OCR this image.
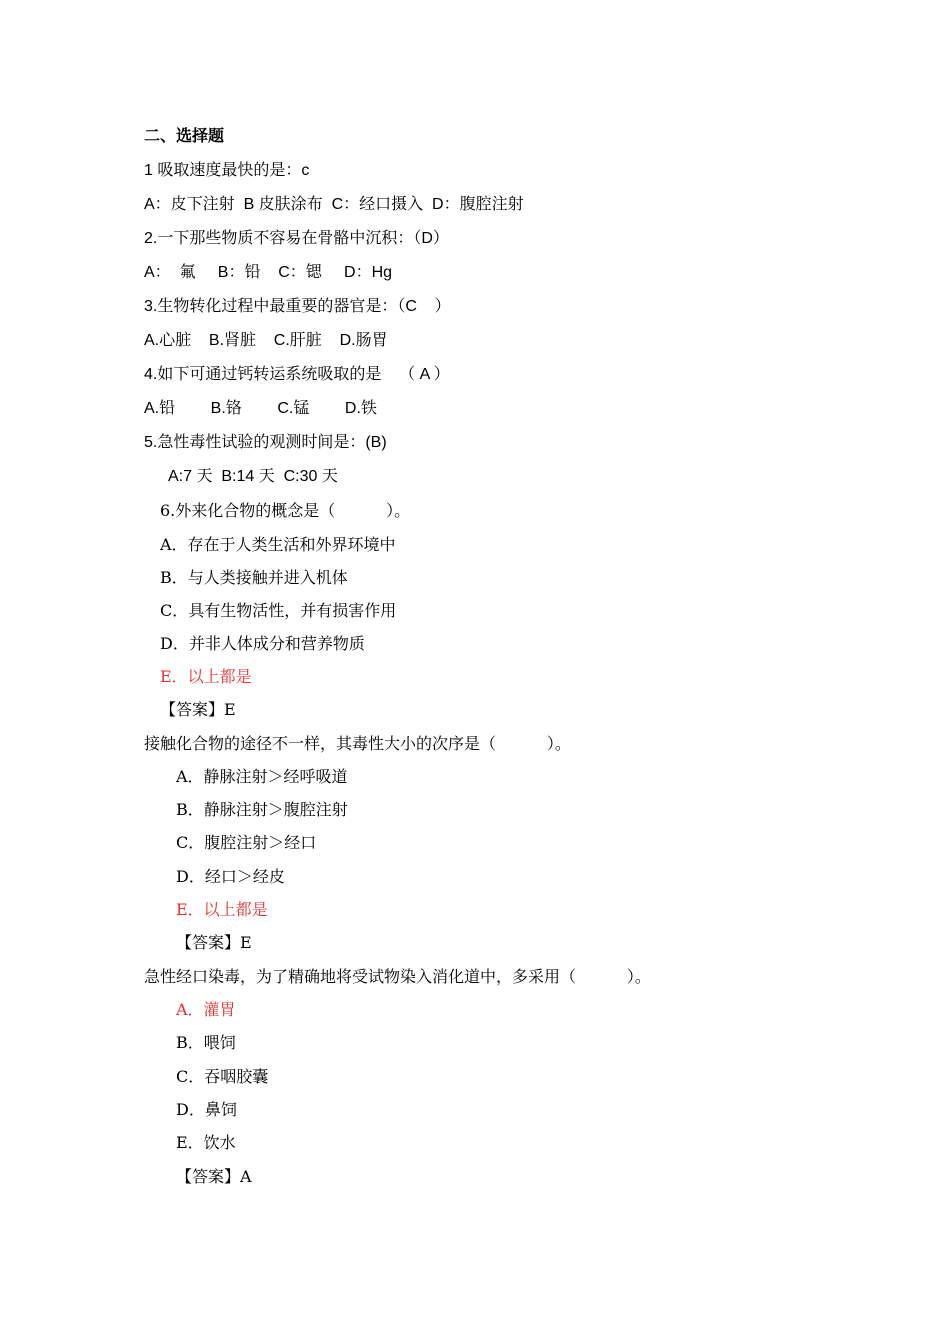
二、选择题
1 吸取速度最快的是：c
A：皮下注射  B 皮肤涂布  C：经口摄入  D：腹腔注射
2.一下那些物质不容易在骨骼中沉积：（D）
A：  氟     B：铅    C：锶     D：Hg
3.生物转化过程中最重要的器官是：（C    ）
A.心脏    B.肾脏    C.肝脏    D.肠胃
4.如下可通过钙转运系统吸取的是    （ A ）
A.铅        B.铬        C.锰        D.铁
5.急性毒性试验的观测时间是：(B)
A:7 天  B:14 天  C:30 天
6.外来化合物的概念是（          ）。
A．存在于人类生活和外界环境中
B．与人类接触并进入机体
C．具有生物活性，并有损害作用
D．并非人体成分和营养物质
E．以上都是
【答案】E
接触化合物的途径不一样，其毒性大小的次序是（          ）。
A．静脉注射＞经呼吸道
B．静脉注射＞腹腔注射
C．腹腔注射＞经口
D．经口＞经皮
E．以上都是
【答案】E
急性经口染毒，为了精确地将受试物染入消化道中，多采用（          ）。
A．灌胃
B．喂饲
C．吞咽胶囊
D．鼻饲
E．饮水
【答案】A
